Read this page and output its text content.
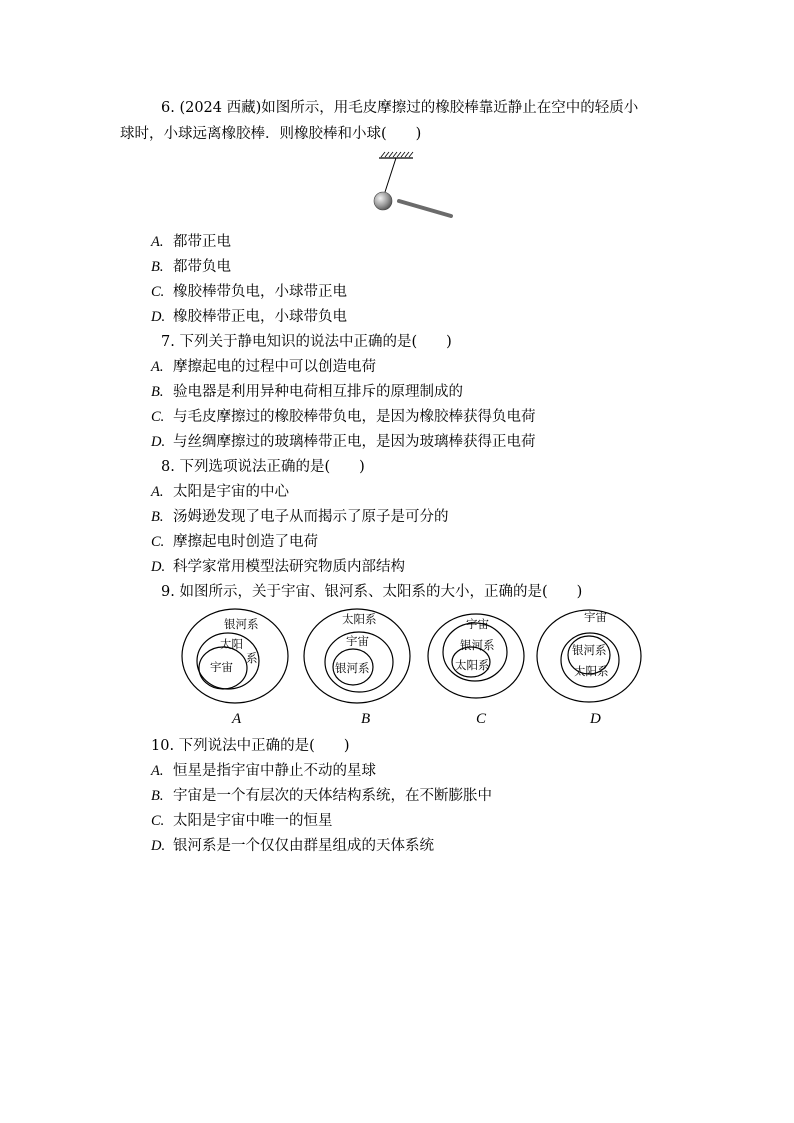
6. (2024 西藏)如图所示，用毛皮摩擦过的橡胶棒靠近静止在空中的轻质小
球时，小球远离橡胶棒．则橡胶棒和小球(　　)
A. 都带正电
B. 都带负电
C. 橡胶棒带负电，小球带正电
D. 橡胶棒带正电，小球带负电
7. 下列关于静电知识的说法中正确的是(　　)
A. 摩擦起电的过程中可以创造电荷
B. 验电器是利用异种电荷相互排斥的原理制成的
C. 与毛皮摩擦过的橡胶棒带负电，是因为橡胶棒获得负电荷
D. 与丝绸摩擦过的玻璃棒带正电，是因为玻璃棒获得正电荷
8. 下列选项说法正确的是(　　)
A. 太阳是宇宙的中心
B. 汤姆逊发现了电子从而揭示了原子是可分的
C. 摩擦起电时创造了电荷
D. 科学家常用模型法研究物质内部结构
9. 如图所示，关于宇宙、银河系、太阳系的大小，正确的是(　　)
银河系
太阳
系
宇宙
太阳系
宇宙
银河系
宇宙
银河系
太阳系
宇宙
银河系
太阳系
A	B	C	D
10. 下列说法中正确的是(　　)
A. 恒星是指宇宙中静止不动的星球
B. 宇宙是一个有层次的天体结构系统，在不断膨胀中
C. 太阳是宇宙中唯一的恒星
D. 银河系是一个仅仅由群星组成的天体系统
